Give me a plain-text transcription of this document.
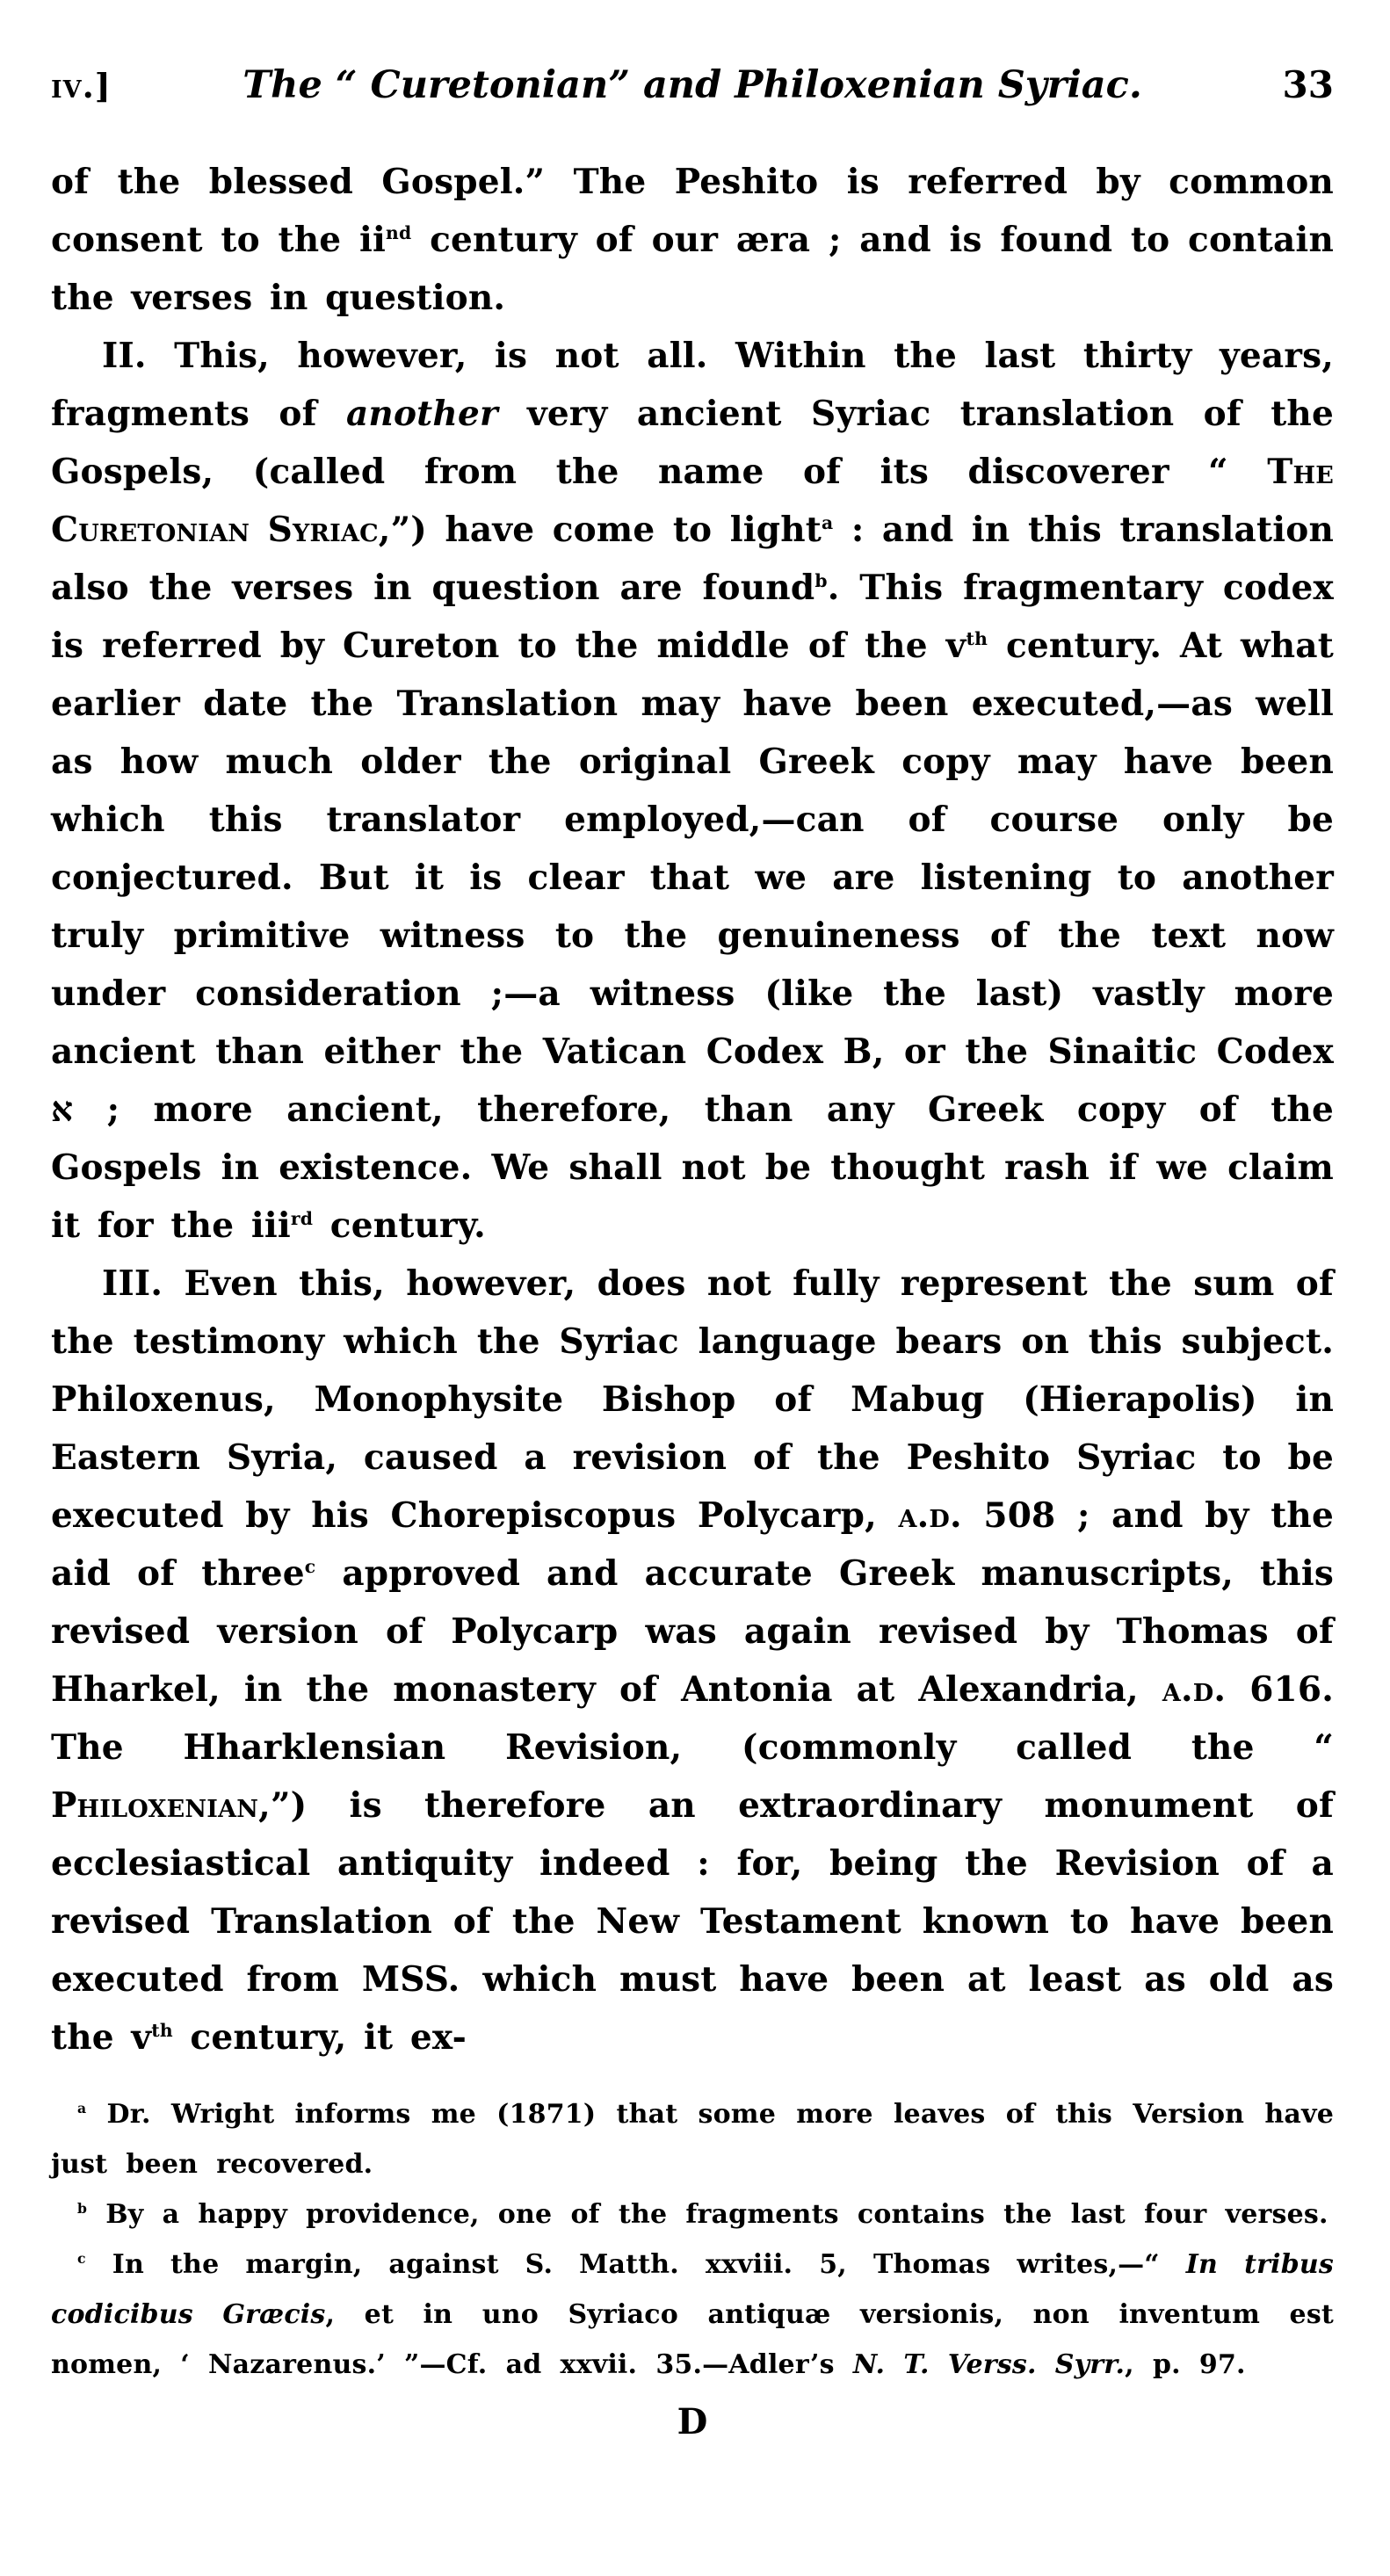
iv.]	The “ Curetonian” and Philoxenian Syriac.	33

of the blessed Gospel.” The Peshito is referred by common consent to the $ii^{nd}$ century of our æra ; and is found to contain the verses in question.

II. This, however, is not all. Within the last thirty years, fragments of another very ancient Syriac translation of the Gospels, (called from the name of its discoverer “ The Curetonian Syriac,”) have come to light$^a$ : and in this translation also the verses in question are found$^b$. This fragmentary codex is referred by Cureton to the middle of the $v^{th}$ century. At what earlier date the Translation may have been executed,—as well as how much older the original Greek copy may have been which this translator employed,—can of course only be conjectured. But it is clear that we are listening to another truly primitive witness to the genuineness of the text now under consideration ;—a witness (like the last) vastly more ancient than either the Vatican Codex B, or the Sinaitic Codex א ; more ancient, therefore, than any Greek copy of the Gospels in existence. We shall not be thought rash if we claim it for the iii$^{rd}$ century.

III. Even this, however, does not fully represent the sum of the testimony which the Syriac language bears on this subject. Philoxenus, Monophysite Bishop of Mabug (Hierapolis) in Eastern Syria, caused a revision of the Peshito Syriac to be executed by his Chorepiscopus Polycarp, a.d. 508 ; and by the aid of three$^c$ approved and accurate Greek manuscripts, this revised version of Polycarp was again revised by Thomas of Hharkel, in the monastery of Antonia at Alexandria, a.d. 616. The Hharklensian Revision, (commonly called the “ Philoxenian,”) is therefore an extraordinary monument of ecclesiastical antiquity indeed : for, being the Revision of a revised Translation of the New Testament known to have been executed from MSS. which must have been at least as old as the $v^{th}$ century, it ex-

$^a$ Dr. Wright informs me (1871) that some more leaves of this Version have just been recovered.

$^b$ By a happy providence, one of the fragments contains the last four verses.

$^c$ In the margin, against S. Matth. xxviii. 5, Thomas writes,—“ In tribus codicibus Græcis, et in uno Syriaco antiquæ versionis, non inventum est nomen, ‘ Nazarenus.’ ”—Cf. ad xxvii. 35.—Adler’s N. T. Verss. Syrr., p. 97.

D
